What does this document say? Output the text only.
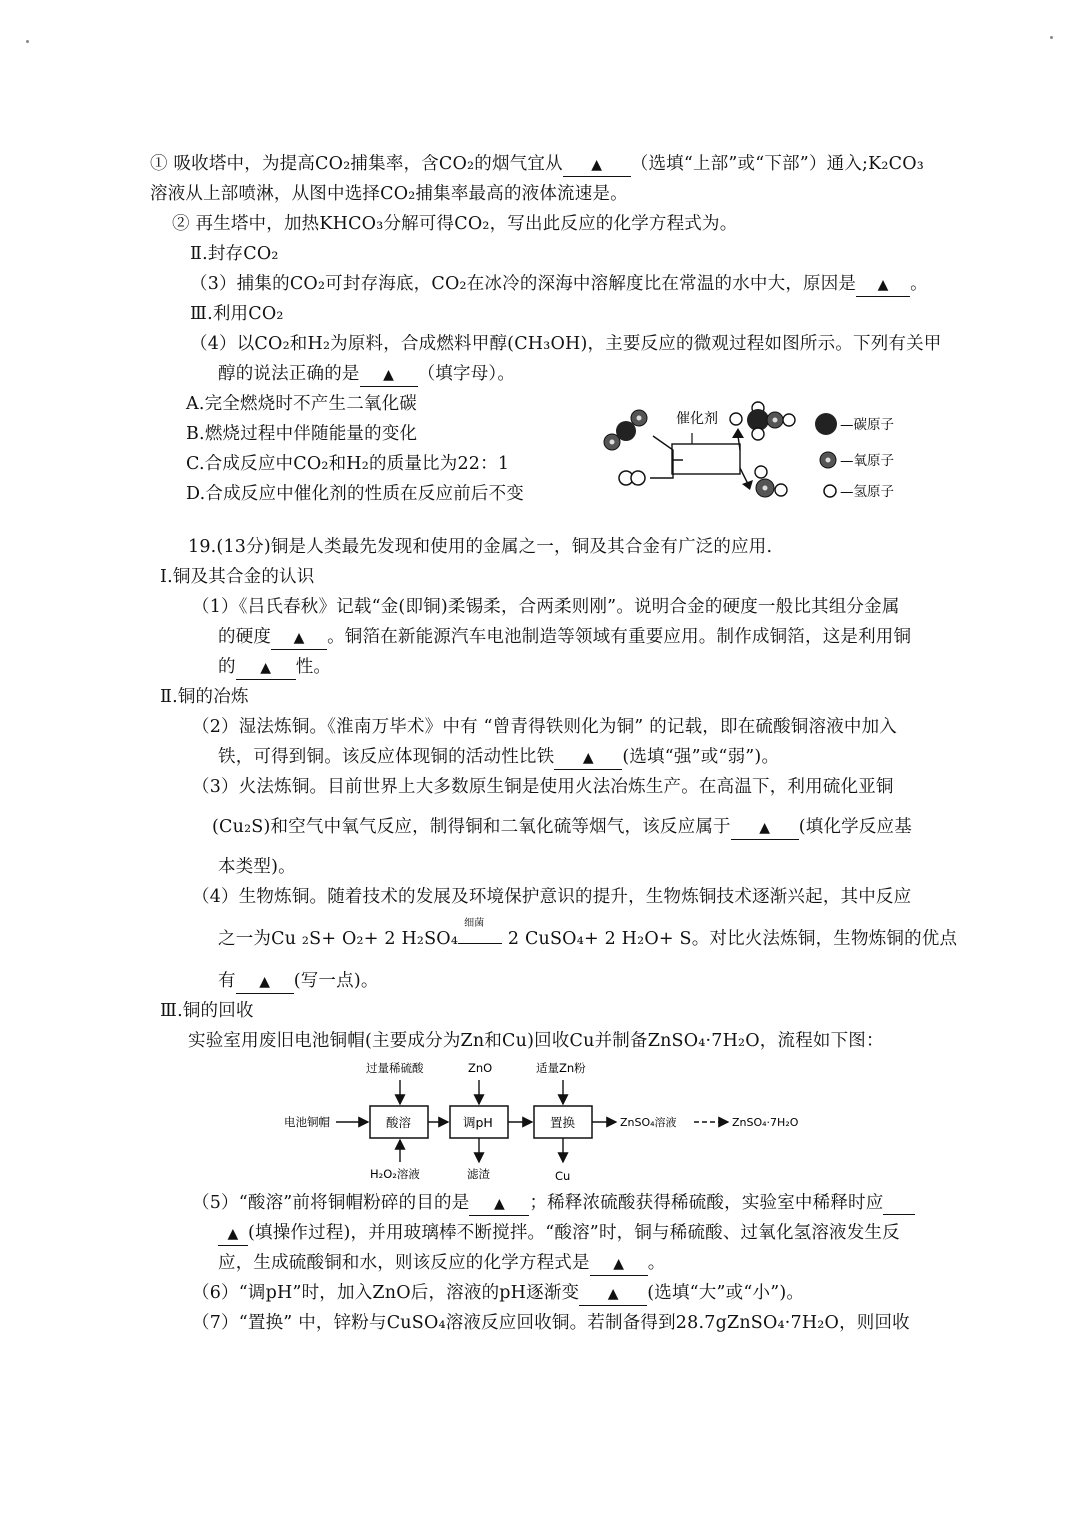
① 吸收塔中，为提高CO₂捕集率，含CO₂的烟气宜从 ▲ （选填“上部”或“下部”）通入;K₂CO₃
溶液从上部喷淋，从图中选择CO₂捕集率最高的液体流速是。
② 再生塔中，加热KHCO₃分解可得CO₂，写出此反应的化学方程式为。
Ⅱ.封存CO₂
（3）捕集的CO₂可封存海底，CO₂在冰冷的深海中溶解度比在常温的水中大，原因是 ▲ 。
Ⅲ.利用CO₂
（4）以CO₂和H₂为原料，合成燃料甲醇(CH₃OH)，主要反应的微观过程如图所示。下列有关甲
醇的说法正确的是 ▲ （填字母）。
A.完全燃烧时不产生二氧化碳
B.燃烧过程中伴随能量的变化
C.合成反应中CO₂和H₂的质量比为22：1
D.合成反应中催化剂的性质在反应前后不变
催化剂	—碳原子
—氧原子
—氢原子
19.(13分)铜是人类最先发现和使用的金属之一，铜及其合金有广泛的应用.
Ⅰ.铜及其合金的认识
（1）《吕氏春秋》记载“金(即铜)柔锡柔，合两柔则刚”。说明合金的硬度一般比其组分金属
的硬度 ▲ 。铜箔在新能源汽车电池制造等领域有重要应用。制作成铜箔，这是利用铜
的 ▲ 性。
Ⅱ.铜的冶炼
（2）湿法炼铜。《淮南万毕术》中有 “曾青得铁则化为铜” 的记载，即在硫酸铜溶液中加入
铁，可得到铜。该反应体现铜的活动性比铁 ▲ (选填“强”或“弱”)。
（3）火法炼铜。目前世界上大多数原生铜是使用火法冶炼生产。在高温下，利用硫化亚铜
(Cu₂S)和空气中氧气反应，制得铜和二氧化硫等烟气，该反应属于 ▲ (填化学反应基
本类型)。
（4）生物炼铜。随着技术的发展及环境保护意识的提升，生物炼铜技术逐渐兴起，其中反应
之一为Cu ₂S+ O₂+ 2 H₂SO₄
细菌
2 CuSO₄+ 2 H₂O+ S。对比火法炼铜，生物炼铜的优点
有 ▲ (写一点)。
Ⅲ.铜的回收
实验室用废旧电池铜帽(主要成分为Zn和Cu)回收Cu并制备ZnSO₄·7H₂O，流程如下图：
过量稀硫酸	ZnO	适量Zn粉
电池铜帽	酸溶	调pH	置换	ZnSO₄溶液	ZnSO₄·7H₂O
H₂O₂溶液	滤渣	Cu
（5）“酸溶”前将铜帽粉碎的目的是 ▲ ；稀释浓硫酸获得稀硫酸，实验室中稀释时应
▲ (填操作过程)，并用玻璃棒不断搅拌。“酸溶”时，铜与稀硫酸、过氧化氢溶液发生反
应，生成硫酸铜和水，则该反应的化学方程式是 ▲ 。
（6）“调pH”时，加入ZnO后，溶液的pH逐渐变 ▲ (选填“大”或“小”)。
（7）“置换” 中，锌粉与CuSO₄溶液反应回收铜。若制备得到28.7gZnSO₄·7H₂O，则回收
